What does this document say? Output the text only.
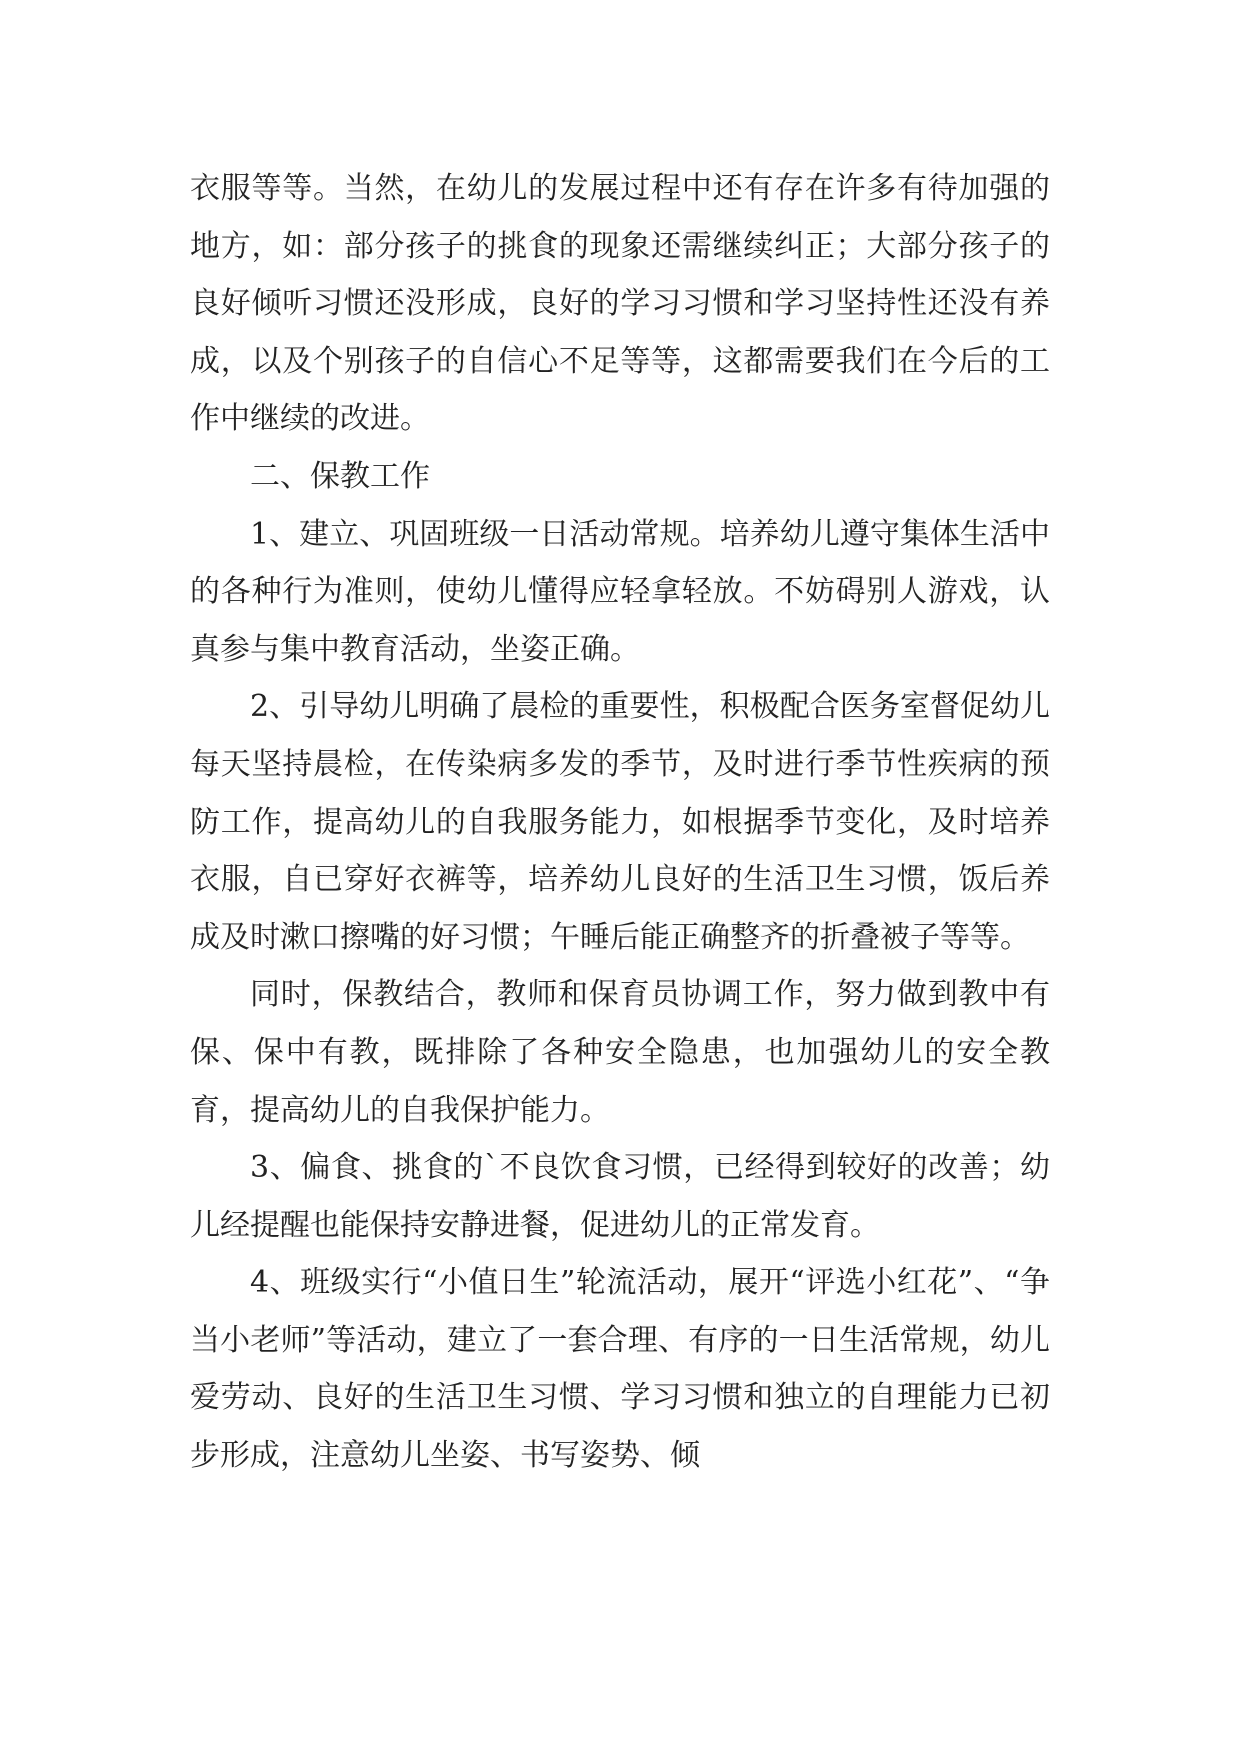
衣服等等。当然，在幼儿的发展过程中还有存在许多有待加强的地方，如：部分孩子的挑食的现象还需继续纠正；大部分孩子的良好倾听习惯还没形成，良好的学习习惯和学习坚持性还没有养成，以及个别孩子的自信心不足等等，这都需要我们在今后的工作中继续的改进。

二、保教工作

1、建立、巩固班级一日活动常规。培养幼儿遵守集体生活中的各种行为准则，使幼儿懂得应轻拿轻放。不妨碍别人游戏，认真参与集中教育活动，坐姿正确。

2、引导幼儿明确了晨检的重要性，积极配合医务室督促幼儿每天坚持晨检，在传染病多发的季节，及时进行季节性疾病的预防工作，提高幼儿的自我服务能力，如根据季节变化，及时培养衣服，自已穿好衣裤等，培养幼儿良好的生活卫生习惯，饭后养成及时漱口擦嘴的好习惯；午睡后能正确整齐的折叠被子等等。

同时，保教结合，教师和保育员协调工作，努力做到教中有保、保中有教，既排除了各种安全隐患，也加强幼儿的安全教育，提高幼儿的自我保护能力。

3、偏食、挑食的`不良饮食习惯，已经得到较好的改善；幼儿经提醒也能保持安静进餐，促进幼儿的正常发育。

4、班级实行“小值日生”轮流活动，展开“评选小红花”、“争当小老师”等活动，建立了一套合理、有序的一日生活常规，幼儿爱劳动、良好的生活卫生习惯、学习习惯和独立的自理能力已初步形成，注意幼儿坐姿、书写姿势、倾
